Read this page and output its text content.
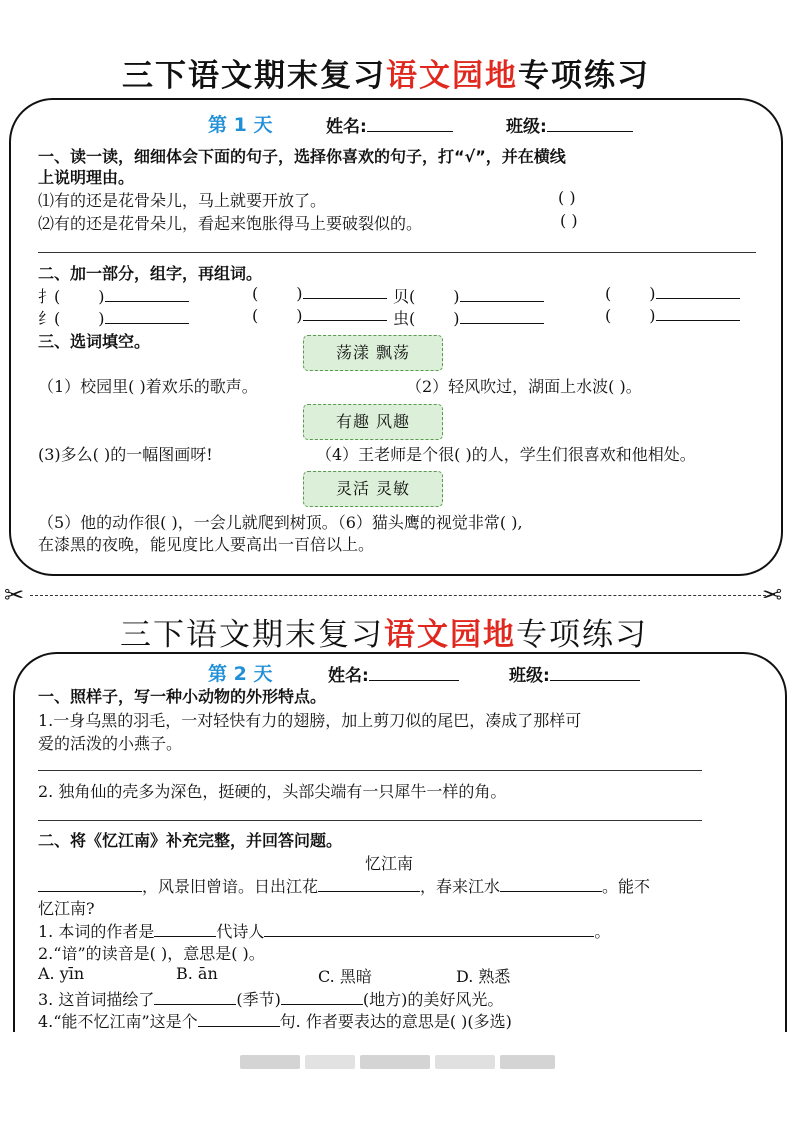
三下语文期末复习语文园地专项练习
第 1 天	姓名:	班级:
一、读一读，细细体会下面的句子，选择你喜欢的句子，打“√”，并在横线
上说明理由。
⑴有的还是花骨朵儿，马上就要开放了。	( )
⑵有的还是花骨朵儿，看起来饱胀得马上要破裂似的。	( )
二、加一部分，组字，再组词。
扌( )	( )	贝( )	( )
纟( )	( )	虫( )	( )
三、选词填空。
荡漾 飘荡
（1）校园里( )着欢乐的歌声。	（2）轻风吹过，湖面上水波( )。
有趣 风趣
(3)多么( )的一幅图画呀!	（4）王老师是个很( )的人，学生们很喜欢和他相处。
灵活 灵敏
（5）他的动作很( )，一会儿就爬到树顶。（6）猫头鹰的视觉非常( ),
在漆黑的夜晚，能见度比人要高出一百倍以上。
✂	✂
三下语文期末复习语文园地专项练习
第 2 天	姓名:	班级:
一、照样子，写一种小动物的外形特点。
1.一身乌黑的羽毛，一对轻快有力的翅膀，加上剪刀似的尾巴，凑成了那样可
爱的活泼的小燕子。
2. 独角仙的壳多为深色，挺硬的，头部尖端有一只犀牛一样的角。
二、将《忆江南》补充完整，并回答问题。
忆江南
，风景旧曾谙。日出江花	，春来江水	。能不
忆江南?
1. 本词的作者是	代诗人	。
2.“谙”的读音是( )，意思是( )。
A. yīn	B. ān	C. 黑暗	D. 熟悉
3. 这首词描绘了	(季节)	(地方)的美好风光。
4.“能不忆江南”这是个	句. 作者要表达的意思是( )(多选)
